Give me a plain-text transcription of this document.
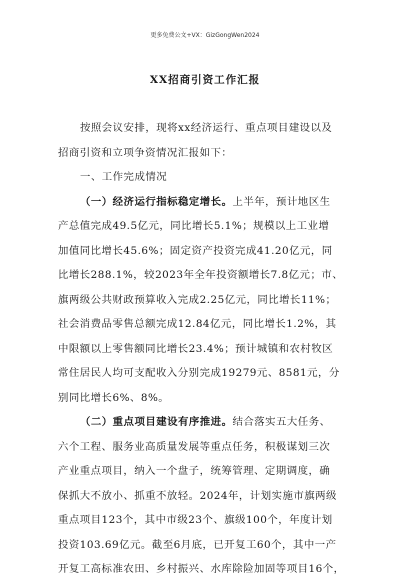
更多免费公文+VX：GizGongWen2024
XX招商引资工作汇报
按照会议安排，现将xx经济运行、重点项目建设以及
招商引资和立项争资情况汇报如下：
一、工作完成情况
（一）经济运行指标稳定增长。上半年，预计地区生
产总值完成49.5亿元，同比增长5.1%；规模以上工业增
加值同比增长45.6%；固定资产投资完成41.20亿元，同
比增长288.1%，较2023年全年投资额增长7.8亿元；市、
旗两级公共财政预算收入完成2.25亿元，同比增长11%；
社会消费品零售总额完成12.84亿元，同比增长1.2%，其
中限额以上零售额同比增长23.4%；预计城镇和农村牧区
常住居民人均可支配收入分别完成19279元、8581元，分
别同比增长6%、8%。
（二）重点项目建设有序推进。结合落实五大任务、
六个工程、服务业高质量发展等重点任务，积极谋划三次
产业重点项目，纳入一个盘子，统筹管理、定期调度，确
保抓大不放小、抓重不放轻。2024年，计划实施市旗两级
重点项目123个，其中市级23个、旗级100个，年度计划
投资103.69亿元。截至6月底，已开复工60个，其中一产
开复工高标准农田、乡村振兴、水库除险加固等项目16个，
